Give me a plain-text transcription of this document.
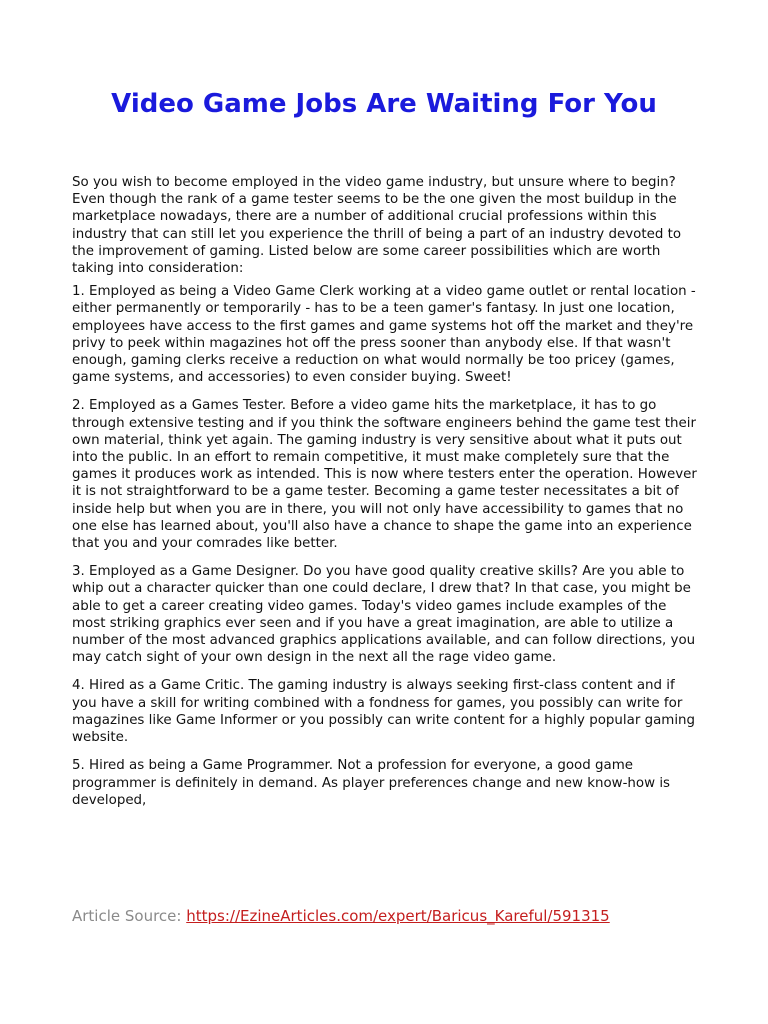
Video Game Jobs Are Waiting For You

So you wish to become employed in the video game industry, but unsure where to begin? Even though the rank of a game tester seems to be the one given the most buildup in the marketplace nowadays, there are a number of additional crucial professions within this industry that can still let you experience the thrill of being a part of an industry devoted to the improvement of gaming. Listed below are some career possibilities which are worth taking into consideration:

1. Employed as being a Video Game Clerk working at a video game outlet or rental location - either permanently or temporarily - has to be a teen gamer's fantasy. In just one location, employees have access to the first games and game systems hot off the market and they're privy to peek within magazines hot off the press sooner than anybody else. If that wasn't enough, gaming clerks receive a reduction on what would normally be too pricey (games, game systems, and accessories) to even consider buying. Sweet!

2. Employed as a Games Tester. Before a video game hits the marketplace, it has to go through extensive testing and if you think the software engineers behind the game test their own material, think yet again. The gaming industry is very sensitive about what it puts out into the public. In an effort to remain competitive, it must make completely sure that the games it produces work as intended. This is now where testers enter the operation. However it is not straightforward to be a game tester. Becoming a game tester necessitates a bit of inside help but when you are in there, you will not only have accessibility to games that no one else has learned about, you'll also have a chance to shape the game into an experience that you and your comrades like better.

3. Employed as a Game Designer. Do you have good quality creative skills? Are you able to whip out a character quicker than one could declare, I drew that? In that case, you might be able to get a career creating video games. Today's video games include examples of the most striking graphics ever seen and if you have a great imagination, are able to utilize a number of the most advanced graphics applications available, and can follow directions, you may catch sight of your own design in the next all the rage video game.

4. Hired as a Game Critic. The gaming industry is always seeking first-class content and if you have a skill for writing combined with a fondness for games, you possibly can write for magazines like Game Informer or you possibly can write content for a highly popular gaming website.

5. Hired as being a Game Programmer. Not a profession for everyone, a good game programmer is definitely in demand. As player preferences change and new know-how is developed,

Article Source: https://EzineArticles.com/expert/Baricus_Kareful/591315
